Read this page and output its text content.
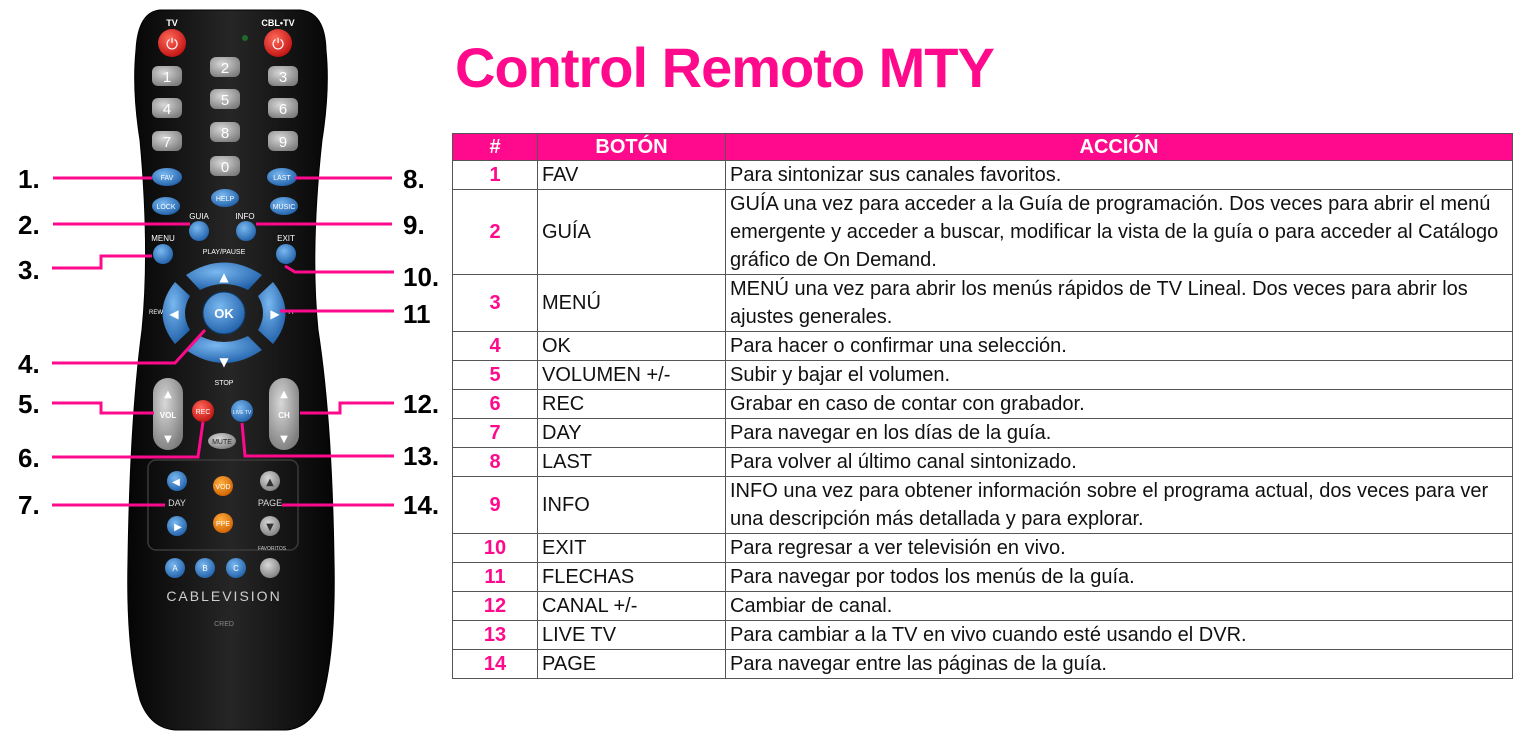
TV
⏻
CBL•TV
⏻
1
2
3
4
5
6
7
8
9
0
FAV	LAST
LOCK
HELP
MUSIC
GUIA	INFO
MENU	EXIT
PLAY/PAUSE
▲
▼
◀	▶
REW	FF
OK
STOP
▲
VOL
▼
▲
CH
▼
REC	LIVE TV
MUTE
◀
DAY
▶
VOD
PPE
▲
PAGE
▼
FAVORITOS
A	B	C
CABLEVISION
CRED
1.
2.
3.
4.
5.
6.
7.
8.
9.
10.
11
12.
13.
14.
Control Remoto MTY
#	BOTÓN	ACCIÓN
1	FAV	Para sintonizar sus canales favoritos.
2	GUÍA	GUÍA una vez para acceder a la Guía de programación. Dos veces para abrir el menú emergente y acceder a buscar, modificar la vista de la guía o para acceder al Catálogo gráfico de On Demand.
3	MENÚ	MENÚ una vez para abrir los menús rápidos de TV Lineal. Dos veces para abrir los ajustes generales.
4	OK	Para hacer o confirmar una selección.
5	VOLUMEN +/-	Subir y bajar el volumen.
6	REC	Grabar en caso de contar con grabador.
7	DAY	Para navegar en los días de la guía.
8	LAST	Para volver al último canal sintonizado.
9	INFO	INFO una vez para obtener información sobre el programa actual, dos veces para ver una descripción más detallada y para explorar.
10	EXIT	Para regresar a ver televisión en vivo.
11	FLECHAS	Para navegar por todos los menús de la guía.
12	CANAL +/-	Cambiar de canal.
13	LIVE TV	Para cambiar a la TV en vivo cuando esté usando el DVR.
14	PAGE	Para navegar entre las páginas de la guía.
